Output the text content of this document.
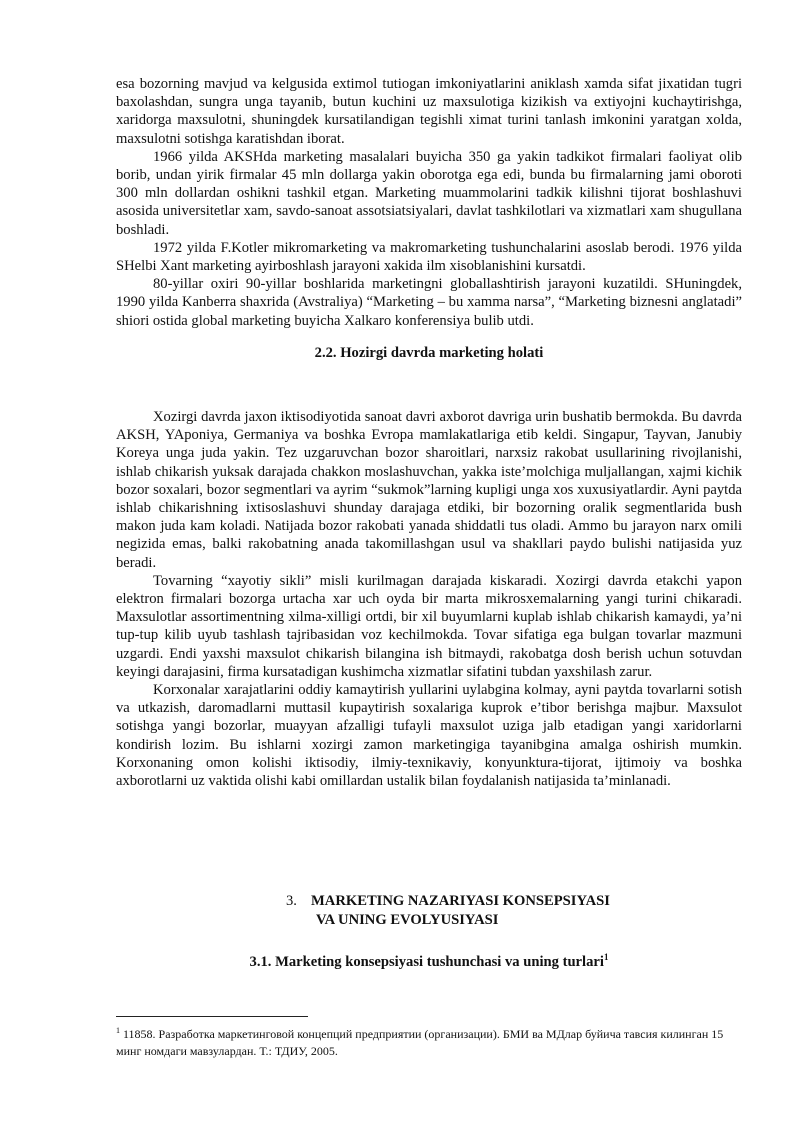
esa bozorning mavjud va kelgusida extimol tutiogan imkoniyatlarini aniklash xamda sifat jixatidan tugri baxolashdan, sungra unga tayanib, butun kuchini uz maxsulotiga kizikish va extiyojni kuchaytirishga, xaridorga maxsulotni, shuningdek kursatilandigan tegishli ximat turini tanlash imkonini yaratgan xolda, maxsulotni sotishga karatishdan iborat.

1966 yilda AKSHda marketing masalalari buyicha 350 ga yakin tadkikot firmalari faoliyat olib borib, undan yirik firmalar 45 mln dollarga yakin oborotga ega edi, bunda bu firmalarning jami oboroti 300 mln dollardan oshikni tashkil etgan. Marketing muammolarini tadkik kilishni tijorat boshlashuvi asosida universitetlar xam, savdo-sanoat assotsiatsiyalari, davlat tashkilotlari va xizmatlari xam shugullana boshladi.

1972 yilda F.Kotler mikromarketing va makromarketing tushunchalarini asoslab berodi. 1976 yilda SHelbi Xant marketing ayirboshlash jarayoni xakida ilm xisoblanishini kursatdi.

80-yillar oxiri 90-yillar boshlarida marketingni globallashtirish jarayoni kuzatildi. SHuningdek, 1990 yilda Kanberra shaxrida (Avstraliya) “Marketing – bu xamma narsa”, “Marketing biznesni anglatadi” shiori ostida global marketing buyicha Xalkaro konferensiya bulib utdi.

2.2. Hozirgi davrda marketing holati

Xozirgi davrda jaxon iktisodiyotida sanoat davri axborot davriga urin bushatib bermokda. Bu davrda AKSH, YAponiya, Germaniya va boshka Evropa mamlakatlariga etib keldi. Singapur, Tayvan, Janubiy Koreya unga juda yakin. Tez uzgaruvchan bozor sharoitlari, narxsiz rakobat usullarining rivojlanishi, ishlab chikarish yuksak darajada chakkon moslashuvchan, yakka iste’molchiga muljallangan, xajmi kichik bozor soxalari, bozor segmentlari va ayrim “sukmok”larning kupligi unga xos xuxusiyatlardir. Ayni paytda ishlab chikarishning ixtisoslashuvi shunday darajaga etdiki, bir bozorning oralik segmentlarida bush makon juda kam koladi. Natijada bozor rakobati yanada shiddatli tus oladi. Ammo bu jarayon narx omili negizida emas, balki rakobatning anada takomillashgan usul va shakllari paydo bulishi natijasida yuz beradi.

Tovarning “xayotiy sikli” misli kurilmagan darajada kiskaradi. Xozirgi davrda etakchi yapon elektron firmalari bozorga urtacha xar uch oyda bir marta mikrosxemalarning yangi turini chikaradi. Maxsulotlar assortimentning xilma-xilligi ortdi, bir xil buyumlarni kuplab ishlab chikarish kamaydi, ya’ni tup-tup kilib uyub tashlash tajribasidan voz kechilmokda. Tovar sifatiga ega bulgan tovarlar mazmuni uzgardi. Endi yaxshi maxsulot chikarish bilangina ish bitmaydi, rakobatga dosh berish uchun sotuvdan keyingi darajasini, firma kursatadigan kushimcha xizmatlar sifatini tubdan yaxshilash zarur.

Korxonalar xarajatlarini oddiy kamaytirish yullarini uylabgina kolmay, ayni paytda tovarlarni sotish va utkazish, daromadlarni muttasil kupaytirish soxalariga kuprok e’tibor berishga majbur. Maxsulot sotishga yangi bozorlar, muayyan afzalligi tufayli maxsulot uziga jalb etadigan yangi xaridorlarni kondirish lozim. Bu ishlarni xozirgi zamon marketingiga tayanibgina amalga oshirish mumkin. Korxonaning omon kolishi iktisodiy, ilmiy-texnikaviy, konyunktura-tijorat, ijtimoiy va boshka axborotlarni uz vaktida olishi kabi omillardan ustalik bilan foydalanish natijasida ta’minlanadi.

3. MARKETING NAZARIYASI KONSEPSIYASI
VA UNING EVOLYUSIYASI
3.1. Marketing konsepsiyasi tushunchasi va uning turlari$^1$
$^1$ 11858. Разработка маркетинговой концепций предприятии (организации). БМИ ва МДлар буйича тавсия килинган 15 минг номдаги мавзулардан. Т.: ТДИУ, 2005.
